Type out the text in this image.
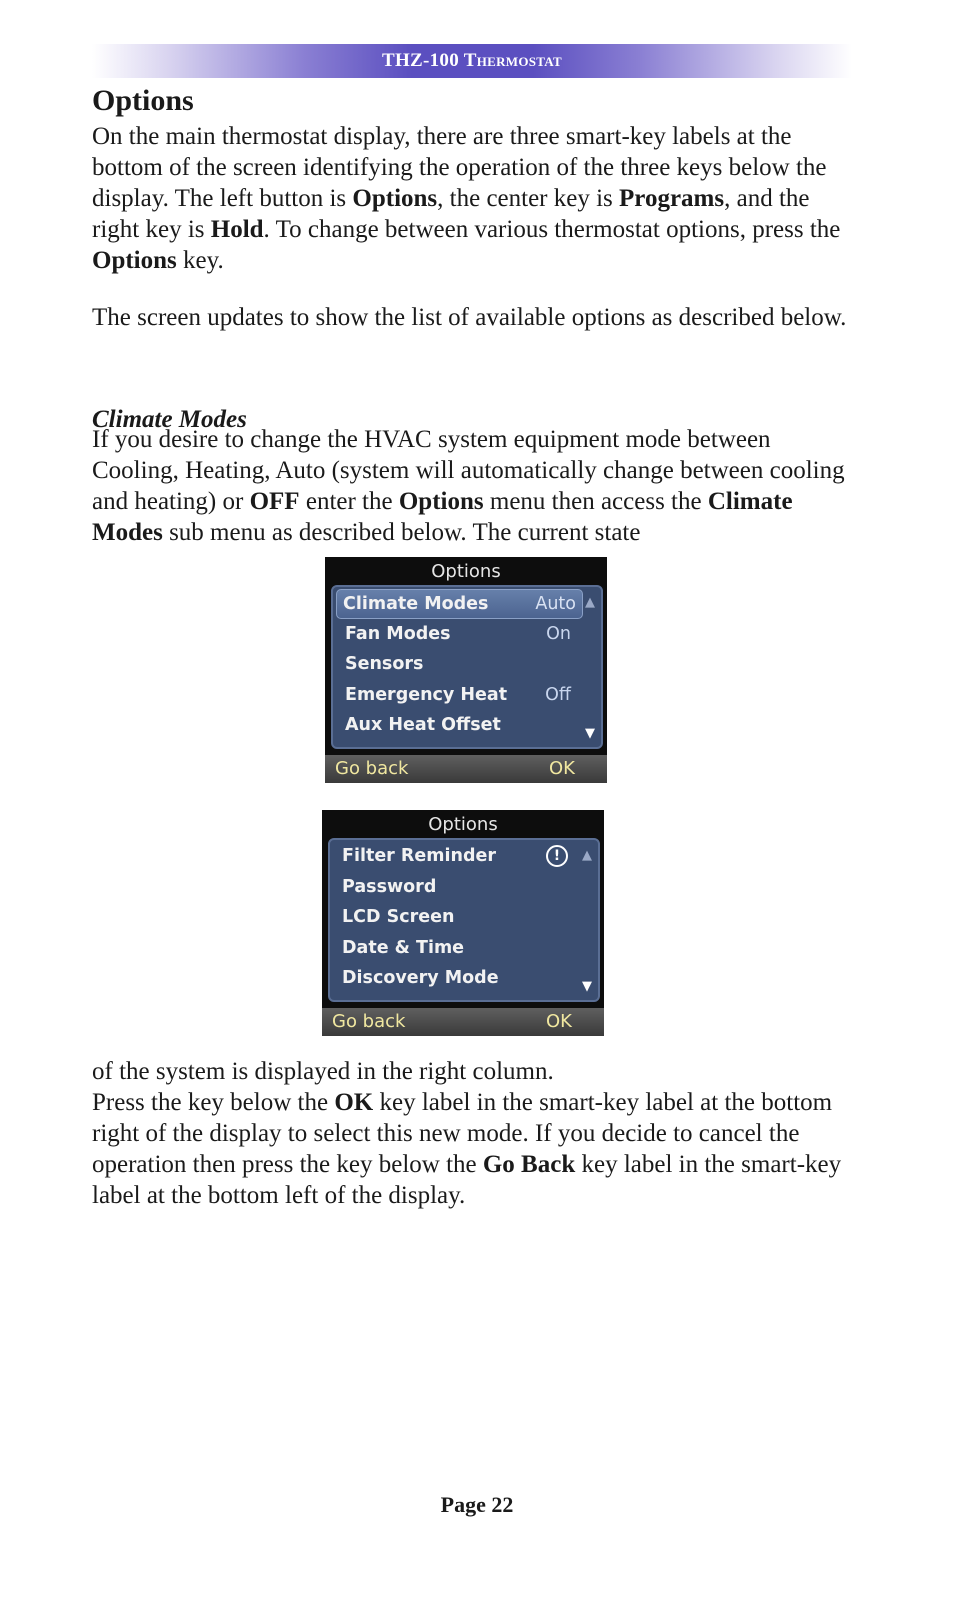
THZ-100 Thermostat
Options

On the main thermostat display, there are three smart-key labels at the bottom of the screen identifying the operation of the three keys below the display. The left button is Options, the center key is Programs, and the right key is Hold. To change between various thermostat options, press the Options key.

The screen updates to show the list of available options as described below.

Climate Modes

If you desire to change the HVAC system equipment mode between Cooling, Heating, Auto (system will automatically change between cooling and heating) or OFF enter the Options menu then access the Climate Modes sub menu as described below. The current state

Options
Climate Modes	Auto
Fan Modes	On
Sensors
Emergency Heat Off
Aux Heat Offset
▲
▼
Go back	OK
Options
Filter Reminder	!
Password
LCD Screen
Date & Time
Discovery Mode
▲
▼
Go back	OK

of the system is displayed in the right column.
Press the key below the OK key label in the smart-key label at the bottom right of the display to select this new mode. If you decide to cancel the operation then press the key below the Go Back key label in the smart-key label at the bottom left of the display.

Page 22
